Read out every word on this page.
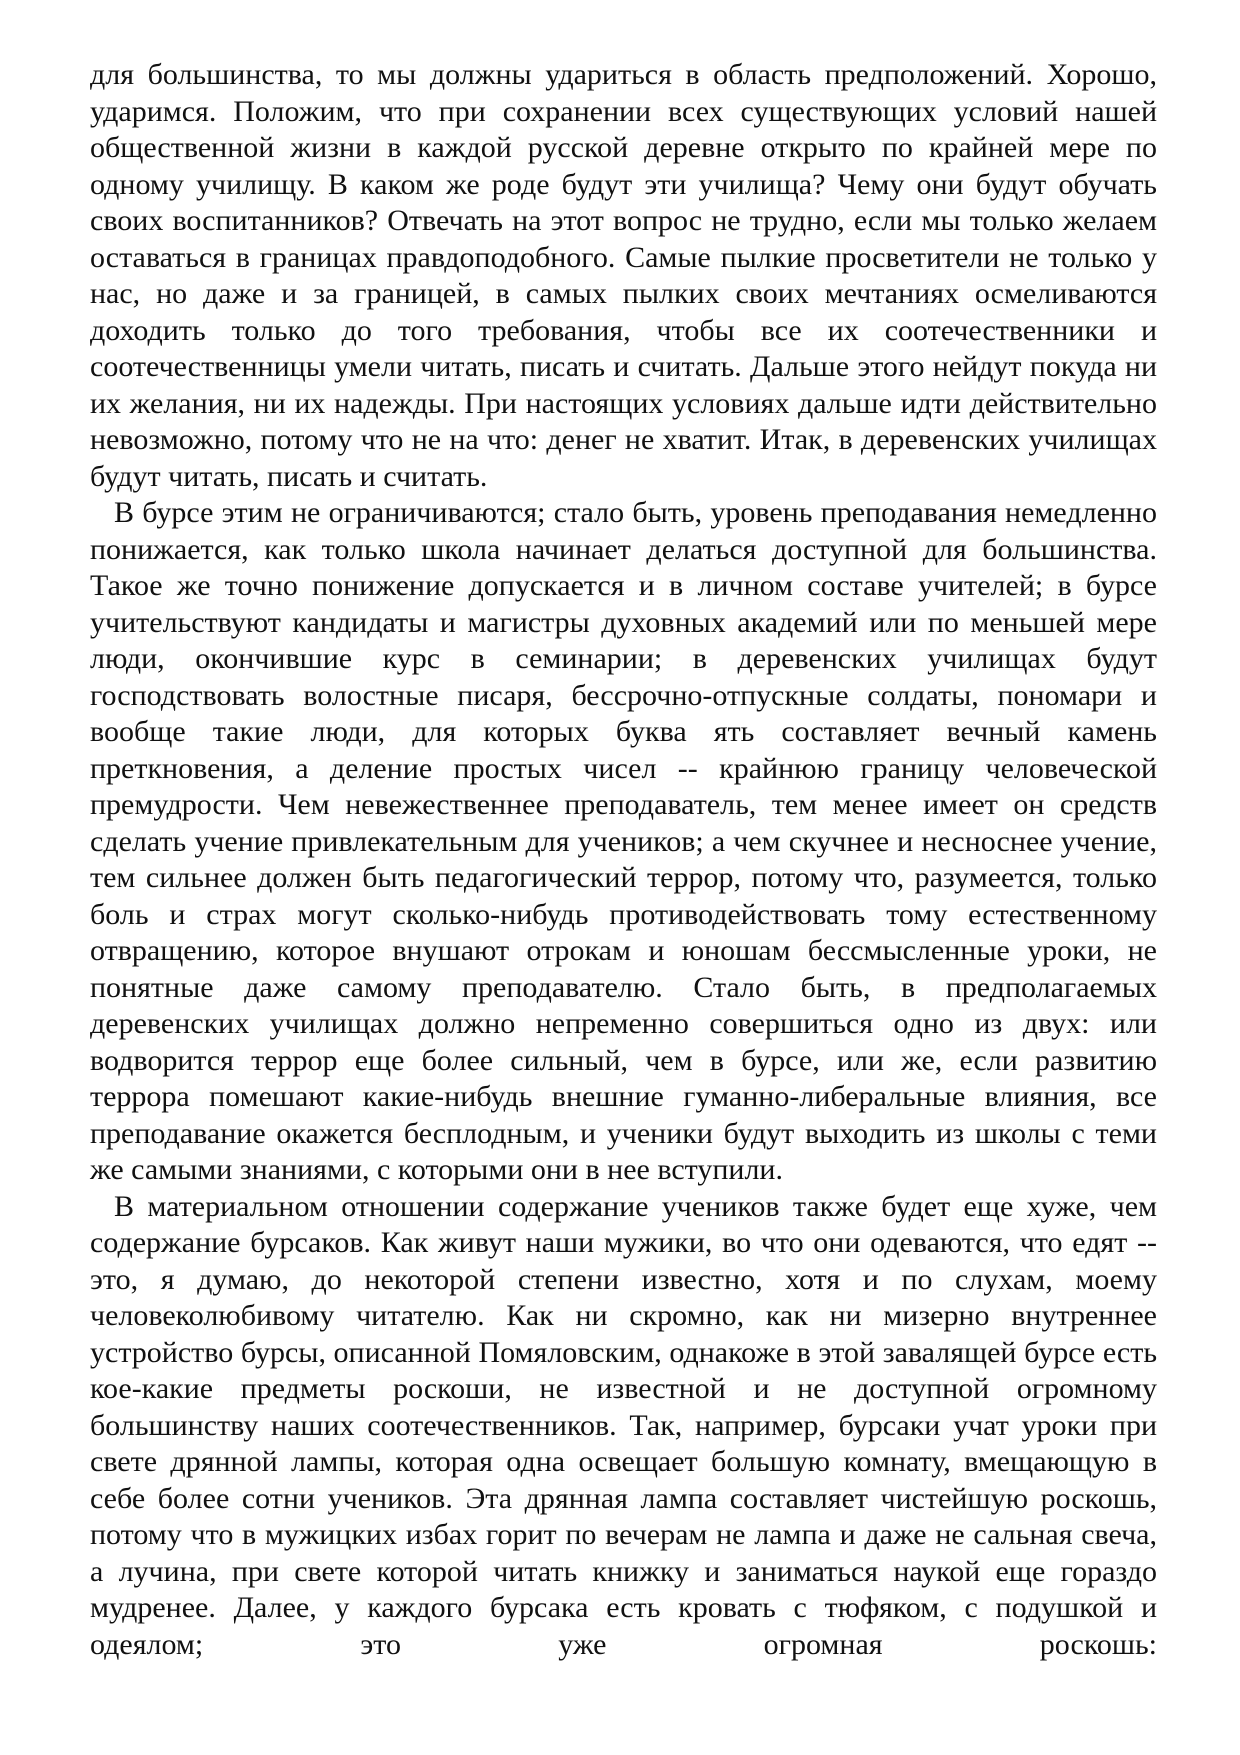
для большинства, то мы должны удариться в область предположений. Хорошо, ударимся. Положим, что при сохранении всех существующих условий нашей общественной жизни в каждой русской деревне открыто по крайней мере по одному училищу. В каком же роде будут эти училища? Чему они будут обучать своих воспитанников? Отвечать на этот вопрос не трудно, если мы только желаем оставаться в границах правдоподобного. Самые пылкие просветители не только у нас, но даже и за границей, в самых пылких своих мечтаниях осмеливаются доходить только до того требования, чтобы все их соотечественники и соотечественницы умели читать, писать и считать. Дальше этого нейдут покуда ни их желания, ни их надежды. При настоящих условиях дальше идти действительно невозможно, потому что не на что: денег не хватит. Итак, в деревенских училищах будут читать, писать и считать.

В бурсе этим не ограничиваются; стало быть, уровень преподавания немедленно понижается, как только школа начинает делаться доступной для большинства. Такое же точно понижение допускается и в личном составе учителей; в бурсе учительствуют кандидаты и магистры духовных академий или по меньшей мере люди, окончившие курс в семинарии; в деревенских училищах будут господствовать волостные писаря, бессрочно-отпускные солдаты, пономари и вообще такие люди, для которых буква ять составляет вечный камень преткновения, а деление простых чисел -- крайнюю границу человеческой премудрости. Чем невежественнее преподаватель, тем менее имеет он средств сделать учение привлекательным для учеников; а чем скучнее и несноснее учение, тем сильнее должен быть педагогический террор, потому что, разумеется, только боль и страх могут сколько-нибудь противодействовать тому естественному отвращению, которое внушают отрокам и юношам бессмысленные уроки, не понятные даже самому преподавателю. Стало быть, в предполагаемых деревенских училищах должно непременно совершиться одно из двух: или водворится террор еще более сильный, чем в бурсе, или же, если развитию террора помешают какие-нибудь внешние гуманно-либеральные влияния, все преподавание окажется бесплодным, и ученики будут выходить из школы с теми же самыми знаниями, с которыми они в нее вступили.

В материальном отношении содержание учеников также будет еще хуже, чем содержание бурсаков. Как живут наши мужики, во что они одеваются, что едят -- это, я думаю, до некоторой степени известно, хотя и по слухам, моему человеколюбивому читателю. Как ни скромно, как ни мизерно внутреннее устройство бурсы, описанной Помяловским, однакоже в этой завалящей бурсе есть кое-какие предметы роскоши, не известной и не доступной огромному большинству наших соотечественников. Так, например, бурсаки учат уроки при свете дрянной лампы, которая одна освещает большую комнату, вмещающую в себе более сотни учеников. Эта дрянная лампа составляет чистейшую роскошь, потому что в мужицких избах горит по вечерам не лампа и даже не сальная свеча, а лучина, при свете которой читать книжку и заниматься наукой еще гораздо мудренее. Далее, у каждого бурсака есть кровать с тюфяком, с подушкой и одеялом; это уже огромная роскошь:
